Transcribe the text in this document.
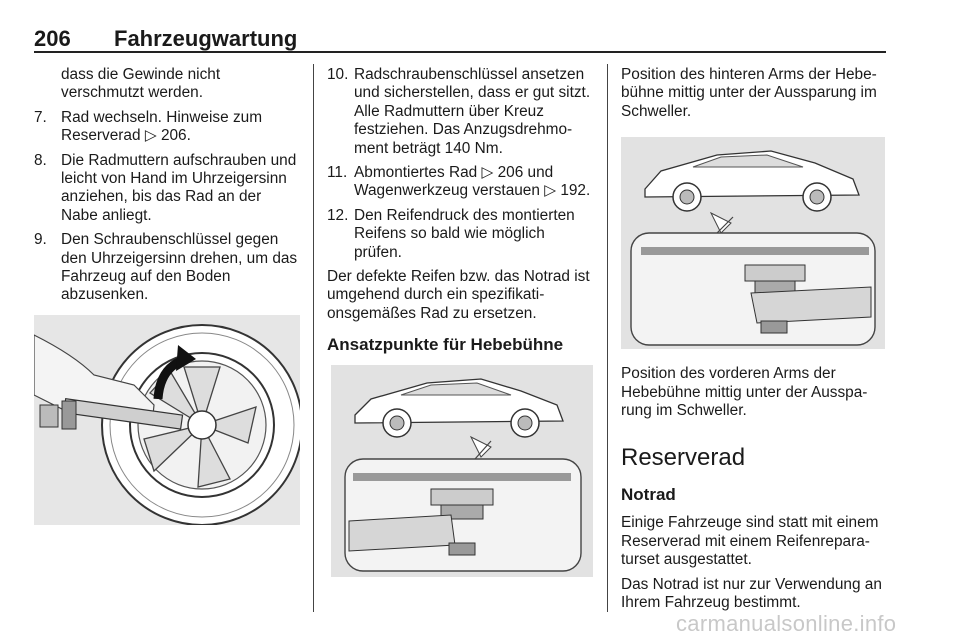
206 Fahrzeugwartung
dass die Gewinde nicht verschmutzt werden.
7. Rad wechseln. Hinweise zum Reserverad ▷ 206.
8. Die Radmuttern aufschrauben und leicht von Hand im Uhrzeigersinn anziehen, bis das Rad an der Nabe anliegt.
9. Den Schraubenschlüssel gegen den Uhrzeigersinn drehen, um das Fahrzeug auf den Boden abzusenken.
10. Radschraubenschlüssel ansetzen und sicherstellen, dass er gut sitzt. Alle Radmuttern über Kreuz festziehen. Das Anzugsdrehmoment beträgt 140 Nm.
11. Abmontiertes Rad ▷ 206 und Wagenwerkzeug verstauen ▷ 192.
12. Den Reifendruck des montierten Reifens so bald wie möglich prüfen.

Der defekte Reifen bzw. das Notrad ist umgehend durch ein spezifikationsgemäßes Rad zu ersetzen.

Ansatzpunkte für Hebebühne
Position des hinteren Arms der Hebebühne mittig unter der Aussparung im Schweller.
Position des vorderen Arms der Hebebühne mittig unter der Aussparung im Schweller.
Reserverad
Notrad

Einige Fahrzeuge sind statt mit einem Reserverad mit einem Reifenreparaturset ausgestattet.

Das Notrad ist nur zur Verwendung an Ihrem Fahrzeug bestimmt.

carmanualsonline.info
